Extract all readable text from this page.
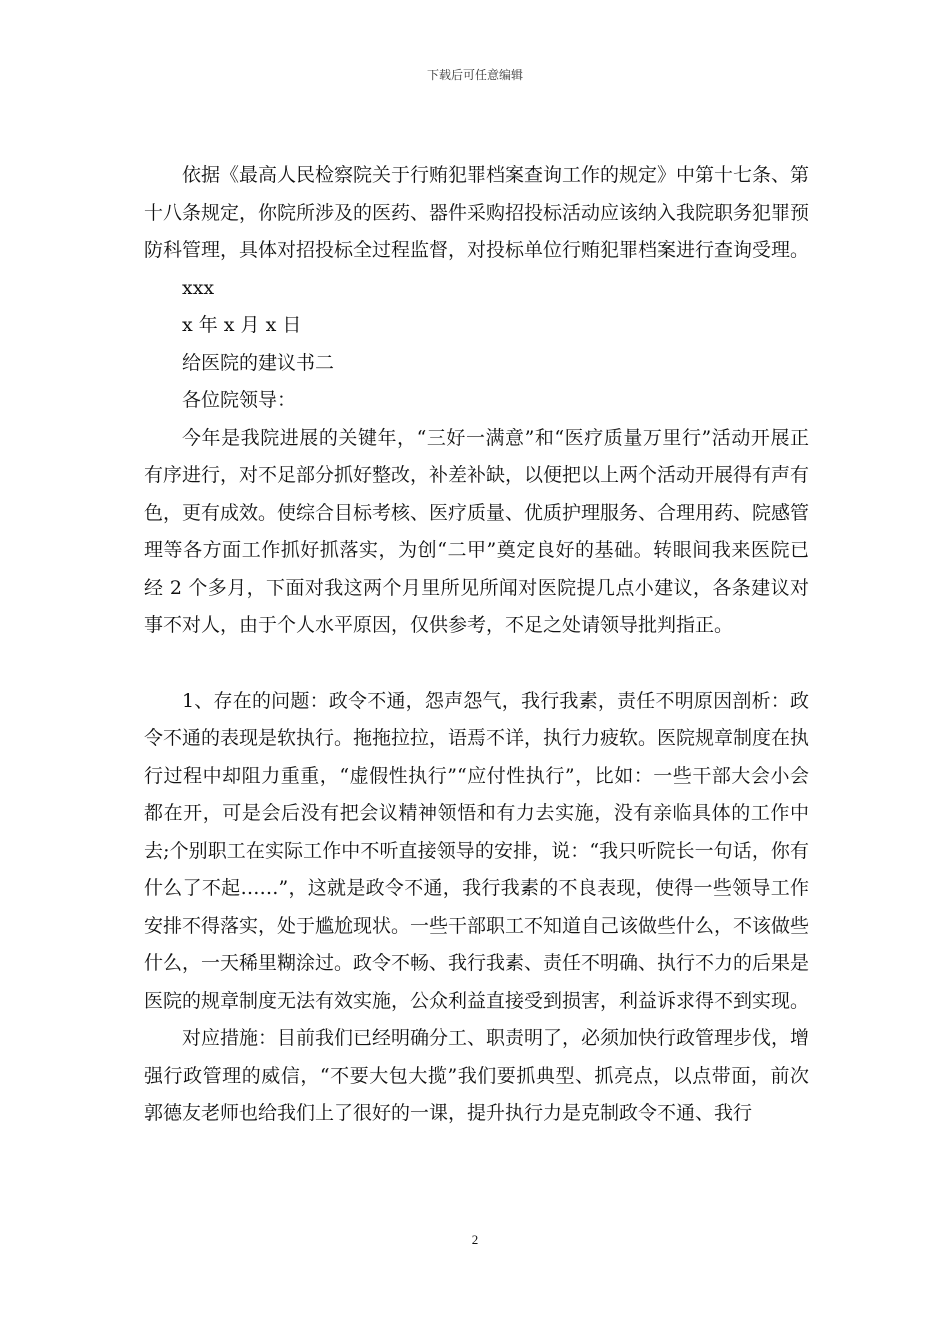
下载后可任意编辑

依据《最高人民检察院关于行贿犯罪档案查询工作的规定》中第十七条、第十八条规定，你院所涉及的医药、器件采购招投标活动应该纳入我院职务犯罪预防科管理，具体对招投标全过程监督，对投标单位行贿犯罪档案进行查询受理。

xxx

x 年 x 月 x 日

给医院的建议书二

各位院领导：

今年是我院进展的关键年，“三好一满意”和“医疗质量万里行”活动开展正有序进行，对不足部分抓好整改，补差补缺，以便把以上两个活动开展得有声有色，更有成效。使综合目标考核、医疗质量、优质护理服务、合理用药、院感管理等各方面工作抓好抓落实，为创“二甲”奠定良好的基础。转眼间我来医院已经 2 个多月，下面对我这两个月里所见所闻对医院提几点小建议，各条建议对事不对人，由于个人水平原因，仅供参考，不足之处请领导批判指正。

1、存在的问题：政令不通，怨声怨气，我行我素，责任不明原因剖析：政令不通的表现是软执行。拖拖拉拉，语焉不详，执行力疲软。医院规章制度在执行过程中却阻力重重，“虚假性执行”“应付性执行”，比如：一些干部大会小会都在开，可是会后没有把会议精神领悟和有力去实施，没有亲临具体的工作中去;个别职工在实际工作中不听直接领导的安排，说：“我只听院长一句话，你有什么了不起……”，这就是政令不通，我行我素的不良表现，使得一些领导工作安排不得落实，处于尴尬现状。一些干部职工不知道自己该做些什么，不该做些什么，一天稀里糊涂过。政令不畅、我行我素、责任不明确、执行不力的后果是医院的规章制度无法有效实施，公众利益直接受到损害，利益诉求得不到实现。

对应措施：目前我们已经明确分工、职责明了，必须加快行政管理步伐，增强行政管理的威信，“不要大包大揽”我们要抓典型、抓亮点，以点带面，前次郭德友老师也给我们上了很好的一课，提升执行力是克制政令不通、我行

2
